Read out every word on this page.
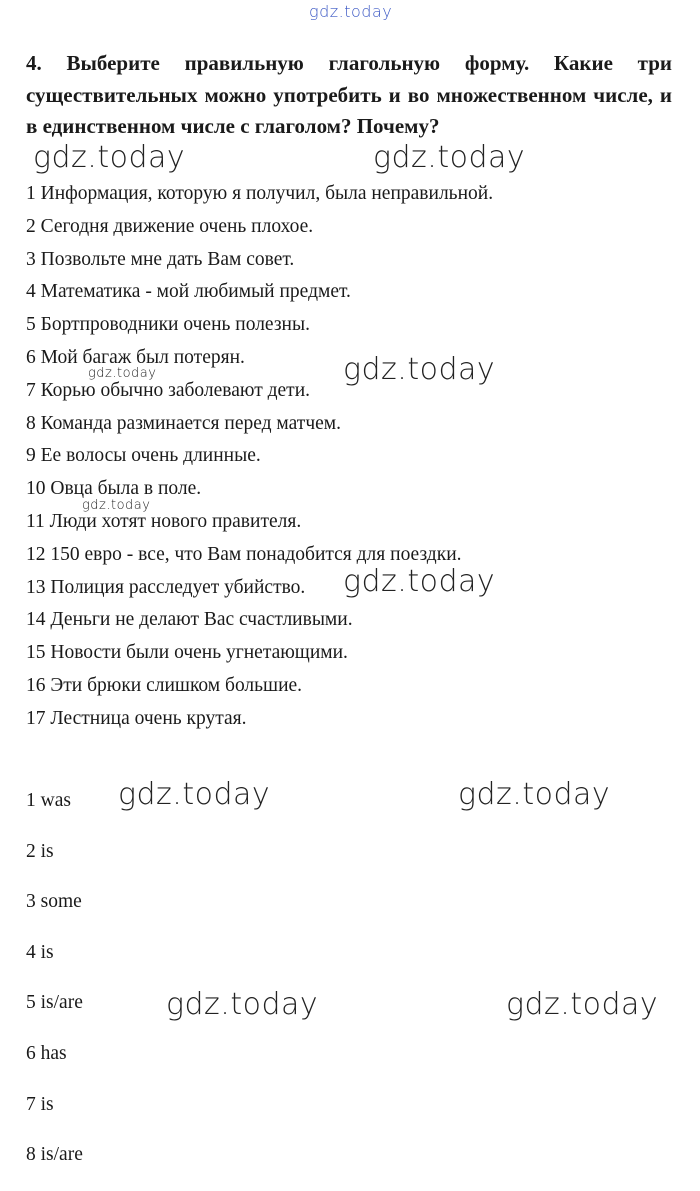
gdz.today

4. Выберите правильную глагольную форму. Какие три существительных можно употребить и во множественном числе, и в единственном числе с глаголом? Почему?

1 Информация, которую я получил, была неправильной.
2 Сегодня движение очень плохое.
3 Позвольте мне дать Вам совет.
4 Математика - мой любимый предмет.
5 Бортпроводники очень полезны.
6 Мой багаж был потерян.
7 Корью обычно заболевают дети.
8 Команда разминается перед матчем.
9 Ее волосы очень длинные.
10 Овца была в поле.
11 Люди хотят нового правителя.
12 150 евро - все, что Вам понадобится для поездки.
13 Полиция расследует убийство.
14 Деньги не делают Вас счастливыми.
15 Новости были очень угнетающими.
16 Эти брюки слишком большие.
17 Лестница очень крутая.
1 was
2 is
3 some
4 is
5 is/are
6 has
7 is
8 is/are
gdz.today	gdz.today
gdz.today
gdz.today
gdz.today
gdz.today
gdz.today	gdz.today
gdz.today	gdz.today
